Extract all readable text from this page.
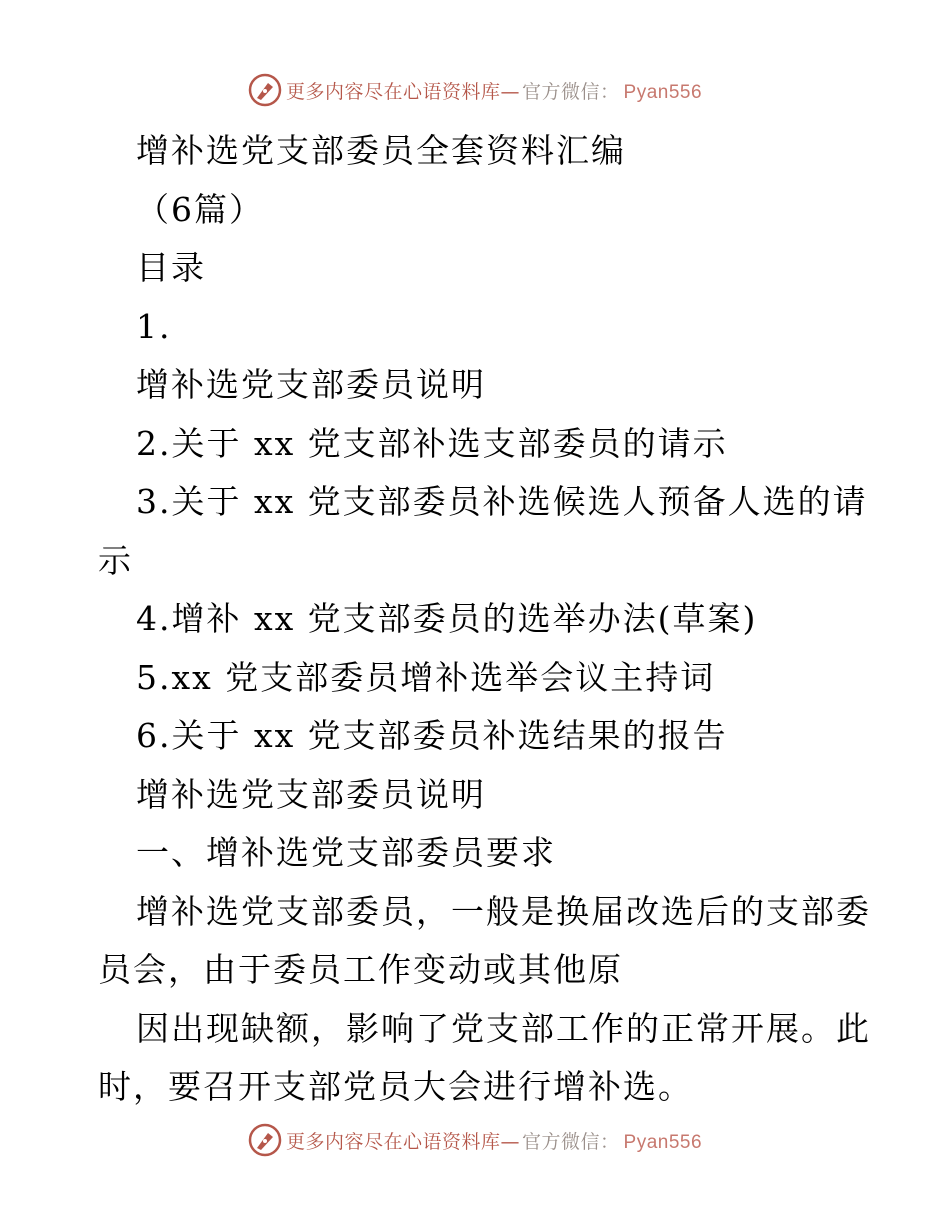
更多内容尽在心语资料库— 官方微信： Pyan556
增补选党支部委员全套资料汇编
（6篇）
目录
1.
增补选党支部委员说明
2.关于 xx 党支部补选支部委员的请示
3.关于 xx 党支部委员补选候选人预备人选的请
示
4.增补 xx 党支部委员的选举办法(草案)
5.xx 党支部委员增补选举会议主持词
6.关于 xx 党支部委员补选结果的报告
增补选党支部委员说明
一、增补选党支部委员要求
增补选党支部委员，一般是换届改选后的支部委
员会，由于委员工作变动或其他原
因出现缺额，影响了党支部工作的正常开展。此
时，要召开支部党员大会进行增补选。
更多内容尽在心语资料库— 官方微信： Pyan556
